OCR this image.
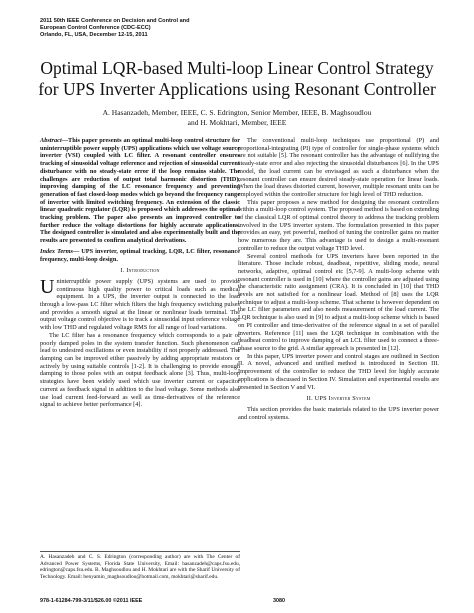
2011 50th IEEE Conference on Decision and Control and
European Control Conference (CDC-ECC)
Orlando, FL, USA, December 12-15, 2011
Optimal LQR-based Multi-loop Linear Control Strategy
for UPS Inverter Applications using Resonant Controller
A. Hasanzadeh, Member, IEEE, C. S. Edrington, Senior Member, IEEE, B. Maghsoudlou
and H. Mokhtari, Member, IEEE

Abstract—This paper presents an optimal multi-loop control structure for uninterruptible power supply (UPS) applications which use voltage source inverter (VSI) coupled with LC filter. A resonant controller ensures tracking of sinusoidal voltage reference and rejection of sinusoidal current disturbance with no steady-state error if the loop remains stable. The challenges are reduction of output total harmonic distortion (THD), improving damping of the LC resonance frequency and preventing generation of fast closed-loop modes which go beyond the frequency range of inverter with limited switching frequency. An extension of the classic linear quadratic regulator (LQR) is proposed which addresses the optimal tracking problem. The paper also presents an improved controller to further reduce the voltage distortions for highly accurate applications. The designed controller is simulated and also experimentally built and the results are presented to confirm analytical derivations.

Index Terms— UPS inverter, optimal tracking, LQR, LC filter, resonance frequency, multi-loop design.

I. Introduction

Uninterruptible power supply (UPS) systems are used to provide continuous high quality power to critical loads such as medical equipment. In a UPS, the inverter output is connected to the load through a low-pass LC filter which filters the high frequency switching pulses and provides a smooth signal at the linear or nonlinear loads terminal. The output voltage control objective is to track a sinusoidal input reference voltage with low THD and regulated voltage RMS for all range of load variations.

The LC filter has a resonance frequency which corresponds to a pair of poorly damped poles in the system transfer function. Such phenomenon can lead to undesired oscillations or even instability if not properly addressed. The damping can be improved either passively by adding appropriate resistors or actively by using suitable controls [1-2]. It is challenging to provide enough damping to those poles with an output feedback alone [3]. Thus, multi-loop strategies have been widely used which use inverter current or capacitor current as feedback signal in addition to the load voltage. Some methods also use load current feed-forward as well as time-derivatives of the reference signal to achieve better performance [4].

A. Hasanzadeh and C. S. Edrington (corresponding author) are with The Center of Advanced Power Systems, Florida State University, Email: hasanzadeh@caps.fsu.edu, edrington@caps.fsu.edu. B. Maghsoudlou and H. Mokhtari are with the Sharif University of Technology. Email: benyamin_maghsoudlou@hotmail.com, mokhtari@sharif.edu.

The conventional multi-loop techniques use proportional (P) and proportional-integrating (PI) type of controller for single-phase systems which are not suitable [5]. The resonant controller has the advantage of nullifying the steady-state error and also rejecting the sinusoidal disturbances [6]. In the UPS model, the load current can be envisaged as such a disturbance when the resonant controller can ensure desired steady-state operation for linear loads. When the load draws distorted current, however, multiple resonant units can be employed within the controller structure for high level of THD reduction.

This paper proposes a new method for designing the resonant controllers within a multi-loop control system. The proposed method is based on extending of the classical LQR of optimal control theory to address the tracking problem involved in the UPS inverter system. The formulation presented in this paper provides an easy, yet powerful, method of tuning the controller gains no matter how numerous they are. This advantage is used to design a multi-resonant controller to reduce the output voltage THD level.

Several control methods for UPS inverters have been reported in the literature. Those include robust, deadbeat, repetitive, sliding mode, neural networks, adaptive, optimal control etc [5,7-9]. A multi-loop scheme with resonant controller is used in [10] where the controller gains are adjusted using the characteristic ratio assignment (CRA). It is concluded in [10] that THD levels are not satisfied for a nonlinear load. Method of [8] uses the LQR technique to adjust a multi-loop scheme. That scheme is however dependent on the LC filter parameters and also needs measurement of the load current. The LQR technique is also used in [9] to adjust a multi-loop scheme which is based on PI controller and time-derivative of the reference signal in a set of parallel inverters. Reference [11] uses the LQR technique in combination with the deadbeat control to improve damping of an LCL filter used to connect a three-phase source to the grid. A similar approach is presented in [12].

In this paper, UPS inverter power and control stages are outlined in Section II. A novel, advanced and unified method is introduced in Section III. Improvement of the controller to reduce the THD level for highly accurate applications is discussed in Section IV. Simulation and experimental results are presented in Section V and VI.

II. UPS Inverter System

This section provides the basic materials related to the UPS inverter power and control systems.

978-1-61284-799-3/11/$26.00 ©2011 IEEE	3080
